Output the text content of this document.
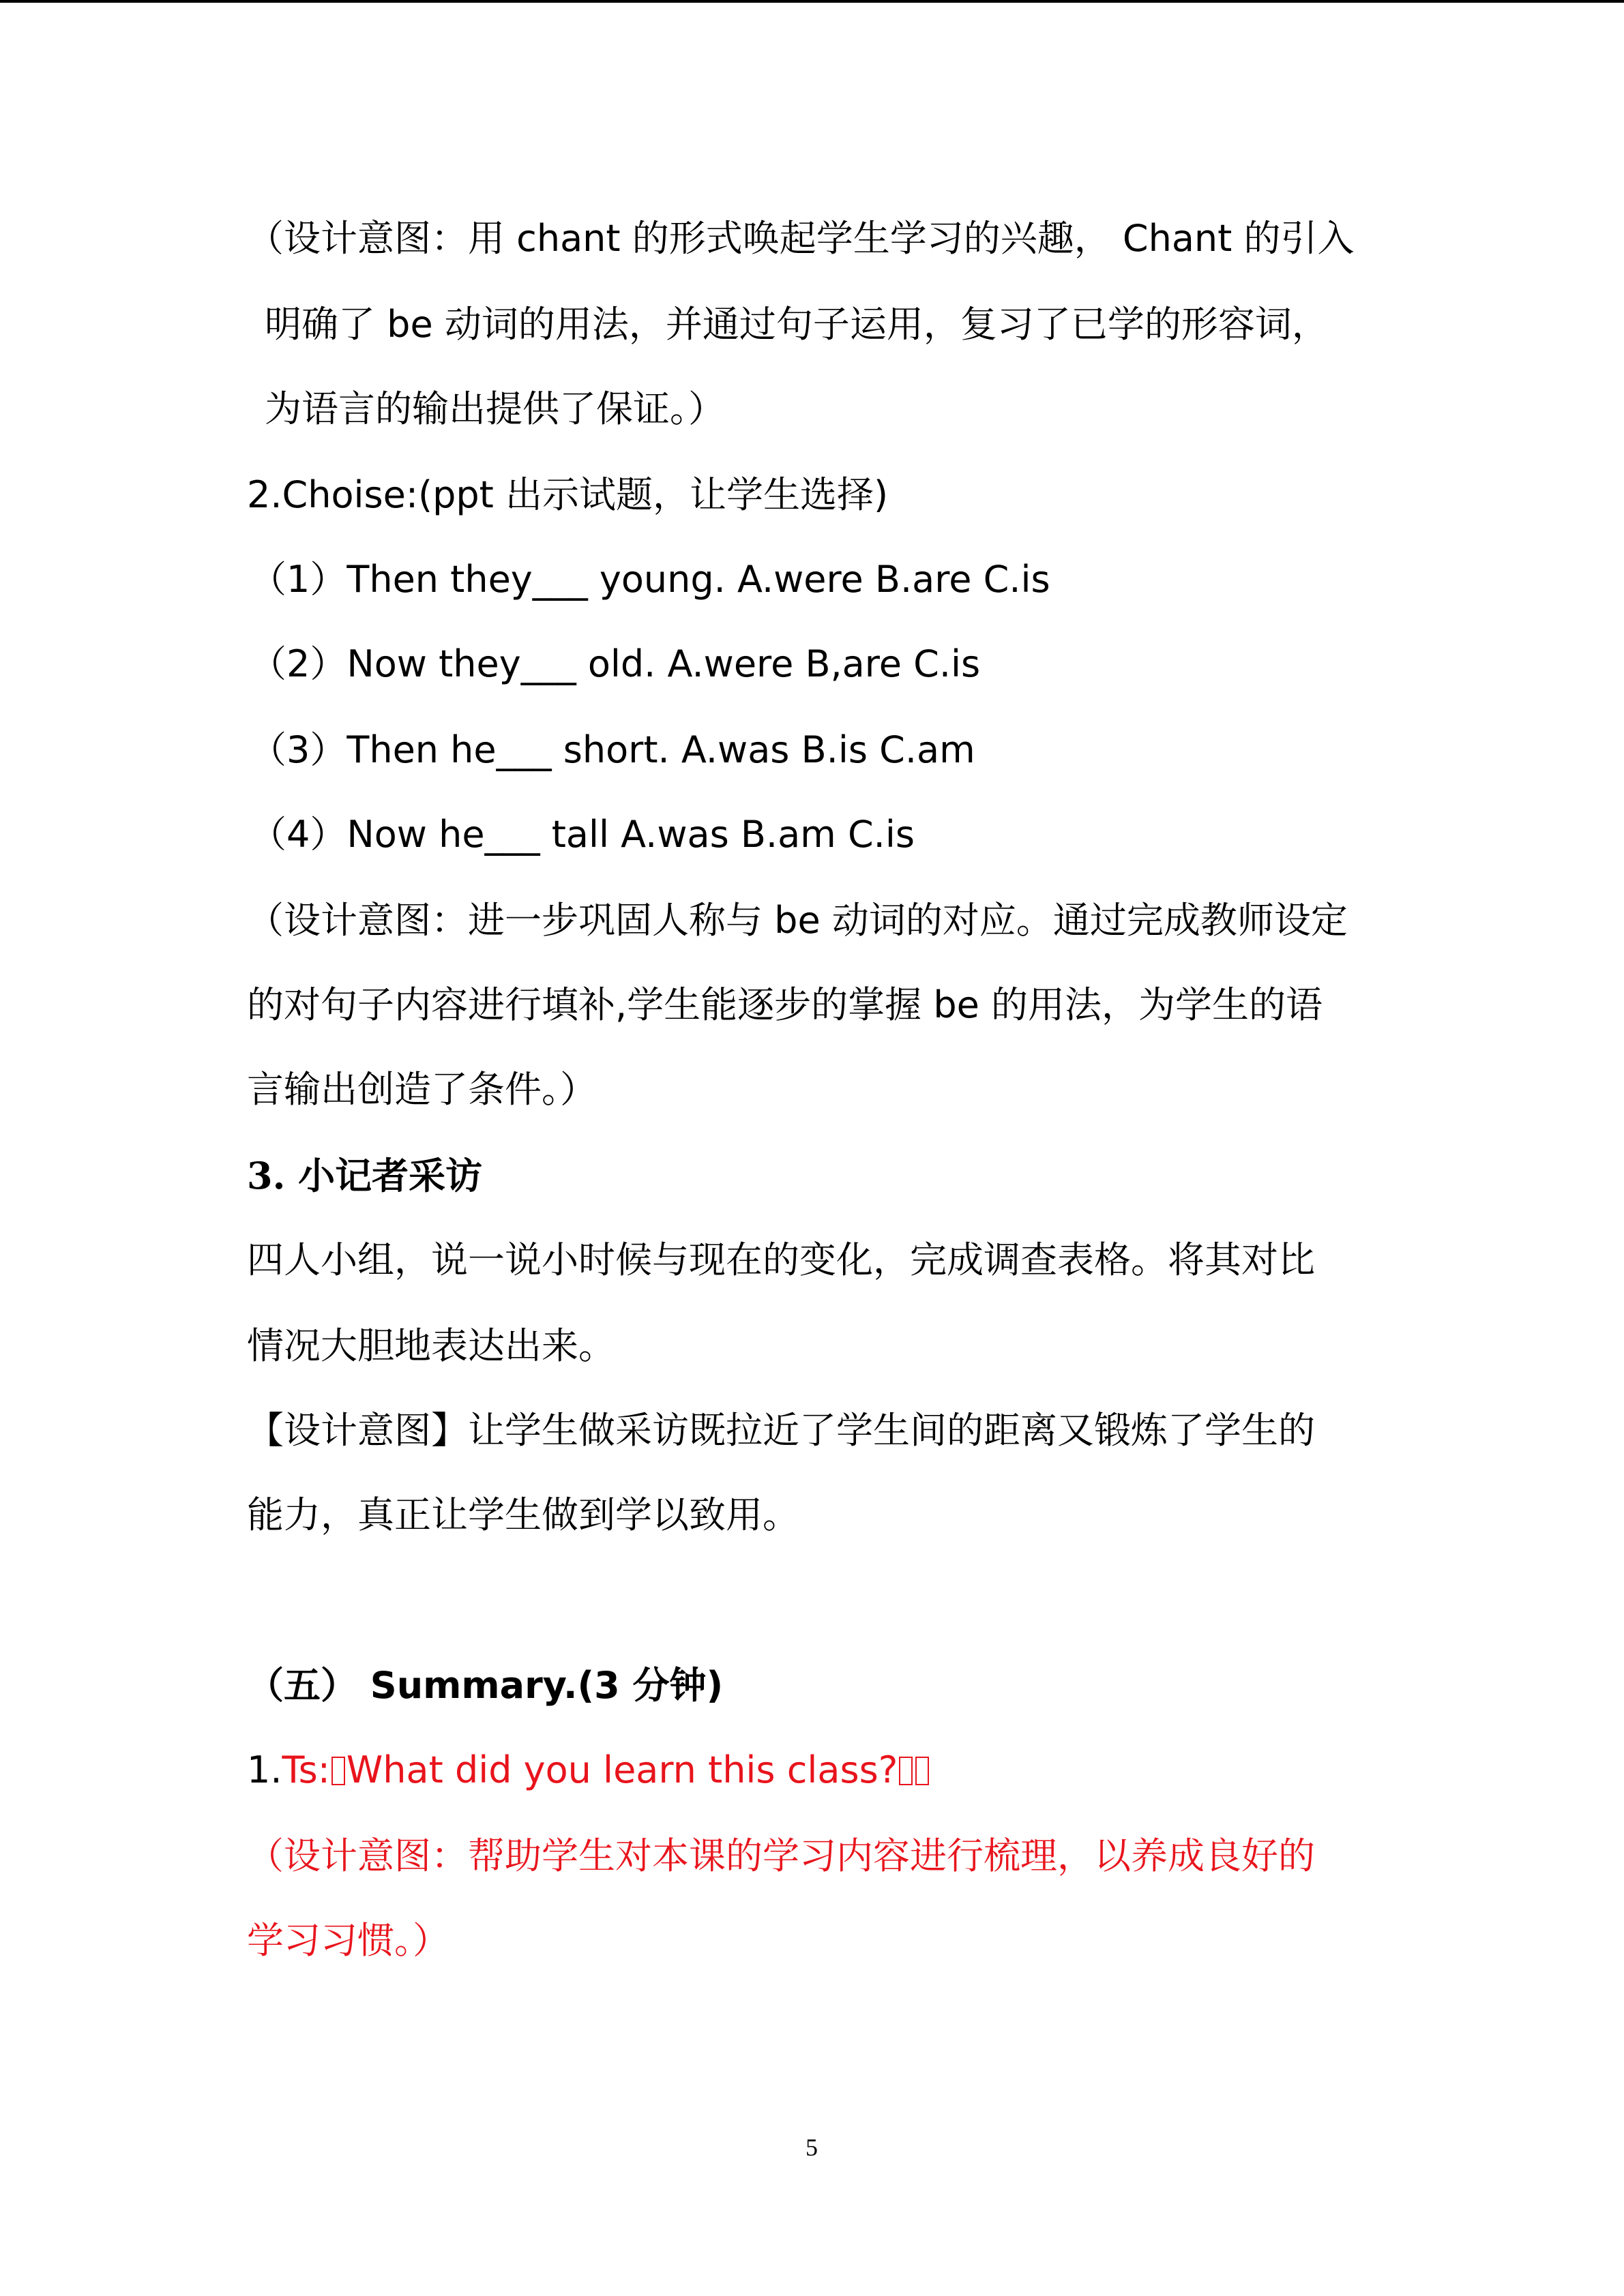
（设计意图：用 chant 的形式唤起学生学习的兴趣， Chant 的引入
明确了 be 动词的用法，并通过句子运用，复习了已学的形容词，
为语言的输出提供了保证。）
2.Choise:(ppt 出示试题，让学生选择)
（1）Then they___ young. A.were B.are C.is
（2）Now they___ old. A.were B,are C.is
（3）Then he___ short. A.was B.is C.am
（4）Now he___ tall A.was B.am C.is
（设计意图：进一步巩固人称与 be 动词的对应。通过完成教师设定
的对句子内容进行填补,学生能逐步的掌握 be 的用法，为学生的语
言输出创造了条件。）
3. 小记者采访
四人小组，说一说小时候与现在的变化，完成调查表格。将其对比
情况大胆地表达出来。
【设计意图】让学生做采访既拉近了学生间的距离又锻炼了学生的
能力，真正让学生做到学以致用。
（五） Summary.(3 分钟)
1.Ts: What did you learn this class?
（设计意图：帮助学生对本课的学习内容进行梳理，以养成良好的
学习习惯。）
5
